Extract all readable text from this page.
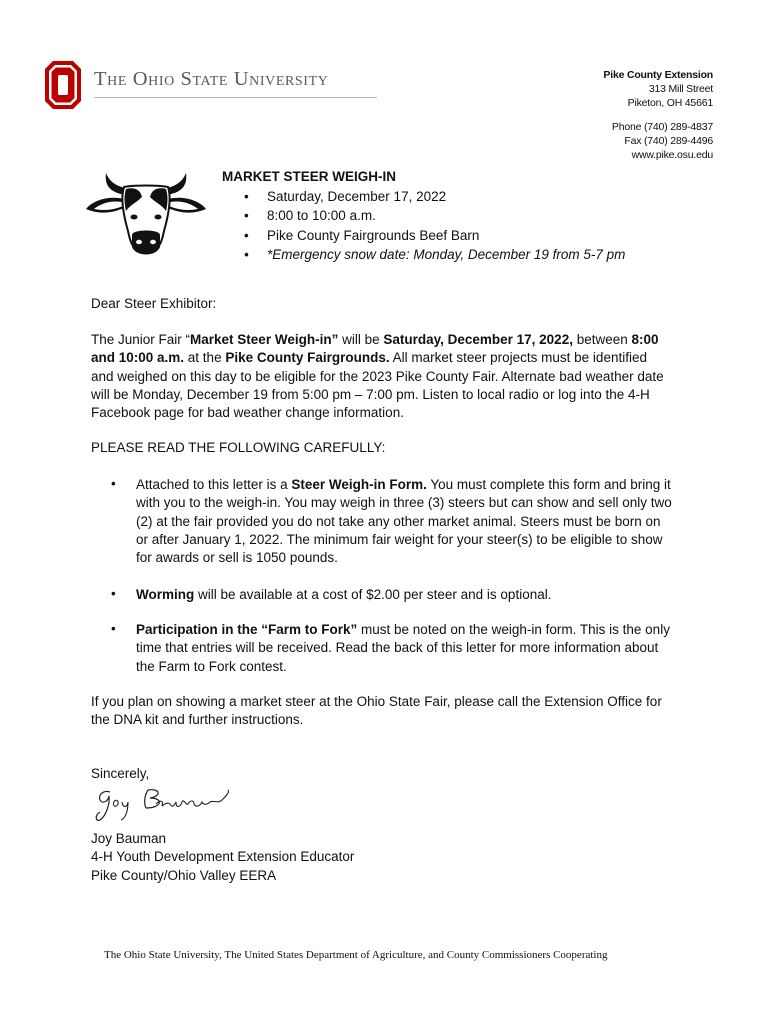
The Ohio State University	Pike County Extension
313 Mill Street
Piketon, OH 45661
Phone (740) 289-4837
Fax (740) 289-4496
www.pike.osu.edu
MARKET STEER WEIGH-IN
• Saturday, December 17, 2022
• 8:00 to 10:00 a.m.
• Pike County Fairgrounds Beef Barn
• *Emergency snow date: Monday, December 19 from 5-7 pm
Dear Steer Exhibitor:
The Junior Fair “Market Steer Weigh-in” will be Saturday, December 17, 2022, between 8:00 and 10:00 a.m. at the Pike County Fairgrounds. All market steer projects must be identified and weighed on this day to be eligible for the 2023 Pike County Fair. Alternate bad weather date will be Monday, December 19 from 5:00 pm – 7:00 pm. Listen to local radio or log into the 4-H Facebook page for bad weather change information.
PLEASE READ THE FOLLOWING CAREFULLY:
• Attached to this letter is a Steer Weigh-in Form. You must complete this form and bring it with you to the weigh-in. You may weigh in three (3) steers but can show and sell only two (2) at the fair provided you do not take any other market animal. Steers must be born on or after January 1, 2022. The minimum fair weight for your steer(s) to be eligible to show for awards or sell is 1050 pounds.
• Worming will be available at a cost of $2.00 per steer and is optional.
• Participation in the “Farm to Fork” must be noted on the weigh-in form. This is the only time that entries will be received. Read the back of this letter for more information about the Farm to Fork contest.
If you plan on showing a market steer at the Ohio State Fair, please call the Extension Office for the DNA kit and further instructions.
Sincerely,
Joy Bauman
4-H Youth Development Extension Educator
Pike County/Ohio Valley EERA
The Ohio State University, The United States Department of Agriculture, and County Commissioners Cooperating
